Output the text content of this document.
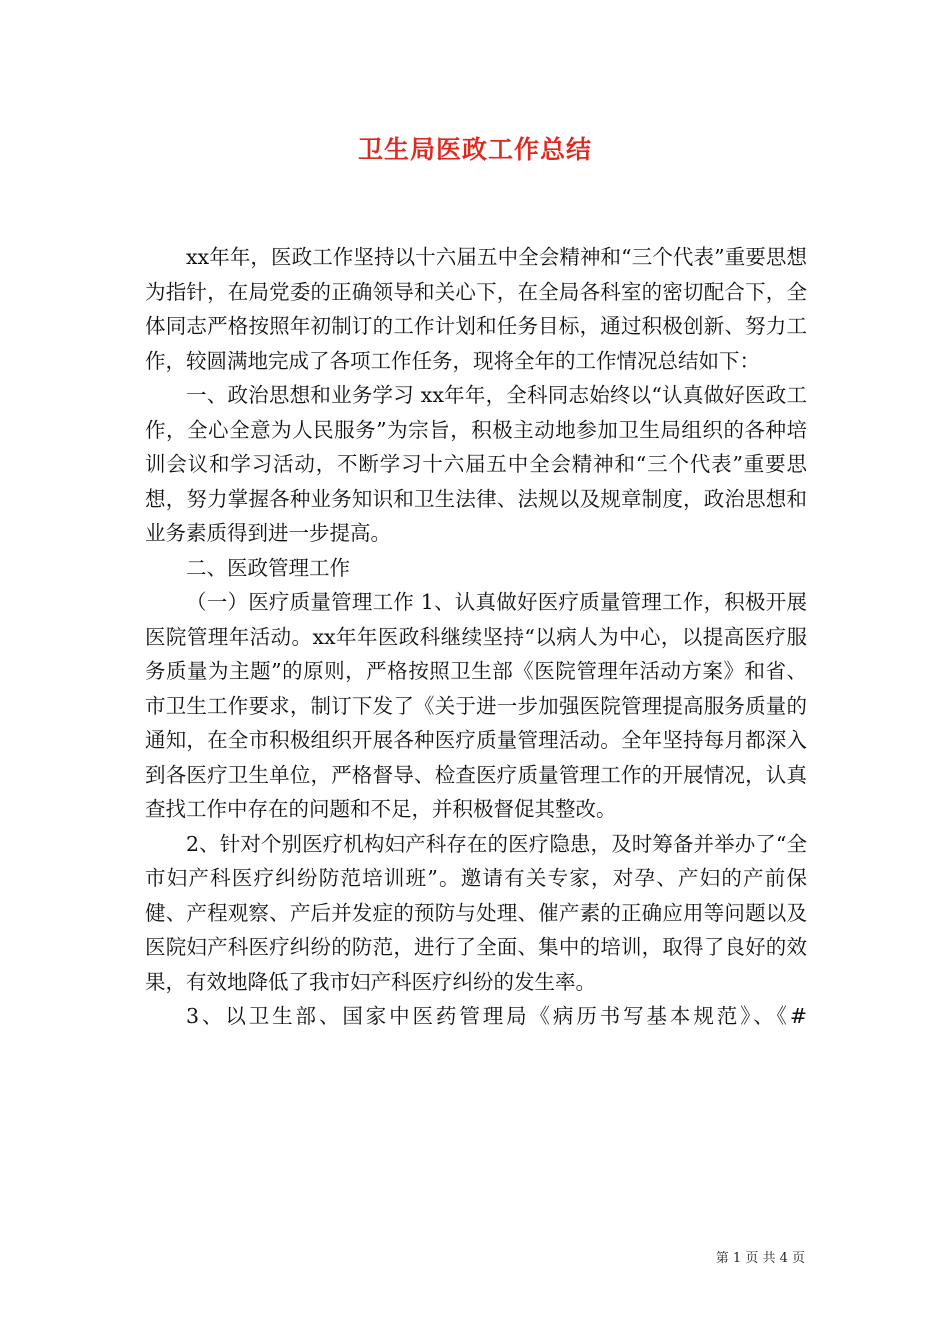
卫生局医政工作总结

xx年年，医政工作坚持以十六届五中全会精神和“三个代表”重要思想为指针，在局党委的正确领导和关心下，在全局各科室的密切配合下，全体同志严格按照年初制订的工作计划和任务目标，通过积极创新、努力工作，较圆满地完成了各项工作任务，现将全年的工作情况总结如下：

一、政治思想和业务学习 xx年年，全科同志始终以“认真做好医政工作，全心全意为人民服务”为宗旨，积极主动地参加卫生局组织的各种培训会议和学习活动，不断学习十六届五中全会精神和“三个代表”重要思想，努力掌握各种业务知识和卫生法律、法规以及规章制度，政治思想和业务素质得到进一步提高。

二、医政管理工作

（一）医疗质量管理工作 1、认真做好医疗质量管理工作，积极开展医院管理年活动。xx年年医政科继续坚持“以病人为中心，以提高医疗服务质量为主题”的原则，严格按照卫生部《医院管理年活动方案》和省、市卫生工作要求，制订下发了《关于进一步加强医院管理提高服务质量的通知，在全市积极组织开展各种医疗质量管理活动。全年坚持每月都深入到各医疗卫生单位，严格督导、检查医疗质量管理工作的开展情况，认真查找工作中存在的问题和不足，并积极督促其整改。

2、针对个别医疗机构妇产科存在的医疗隐患，及时筹备并举办了“全市妇产科医疗纠纷防范培训班”。邀请有关专家，对孕、产妇的产前保健、产程观察、产后并发症的预防与处理、催产素的正确应用等问题以及医院妇产科医疗纠纷的防范，进行了全面、集中的培训，取得了良好的效果，有效地降低了我市妇产科医疗纠纷的发生率。

3、以卫生部、国家中医药管理局《病历书写基本规范》、《#

第 1 页 共 4 页
